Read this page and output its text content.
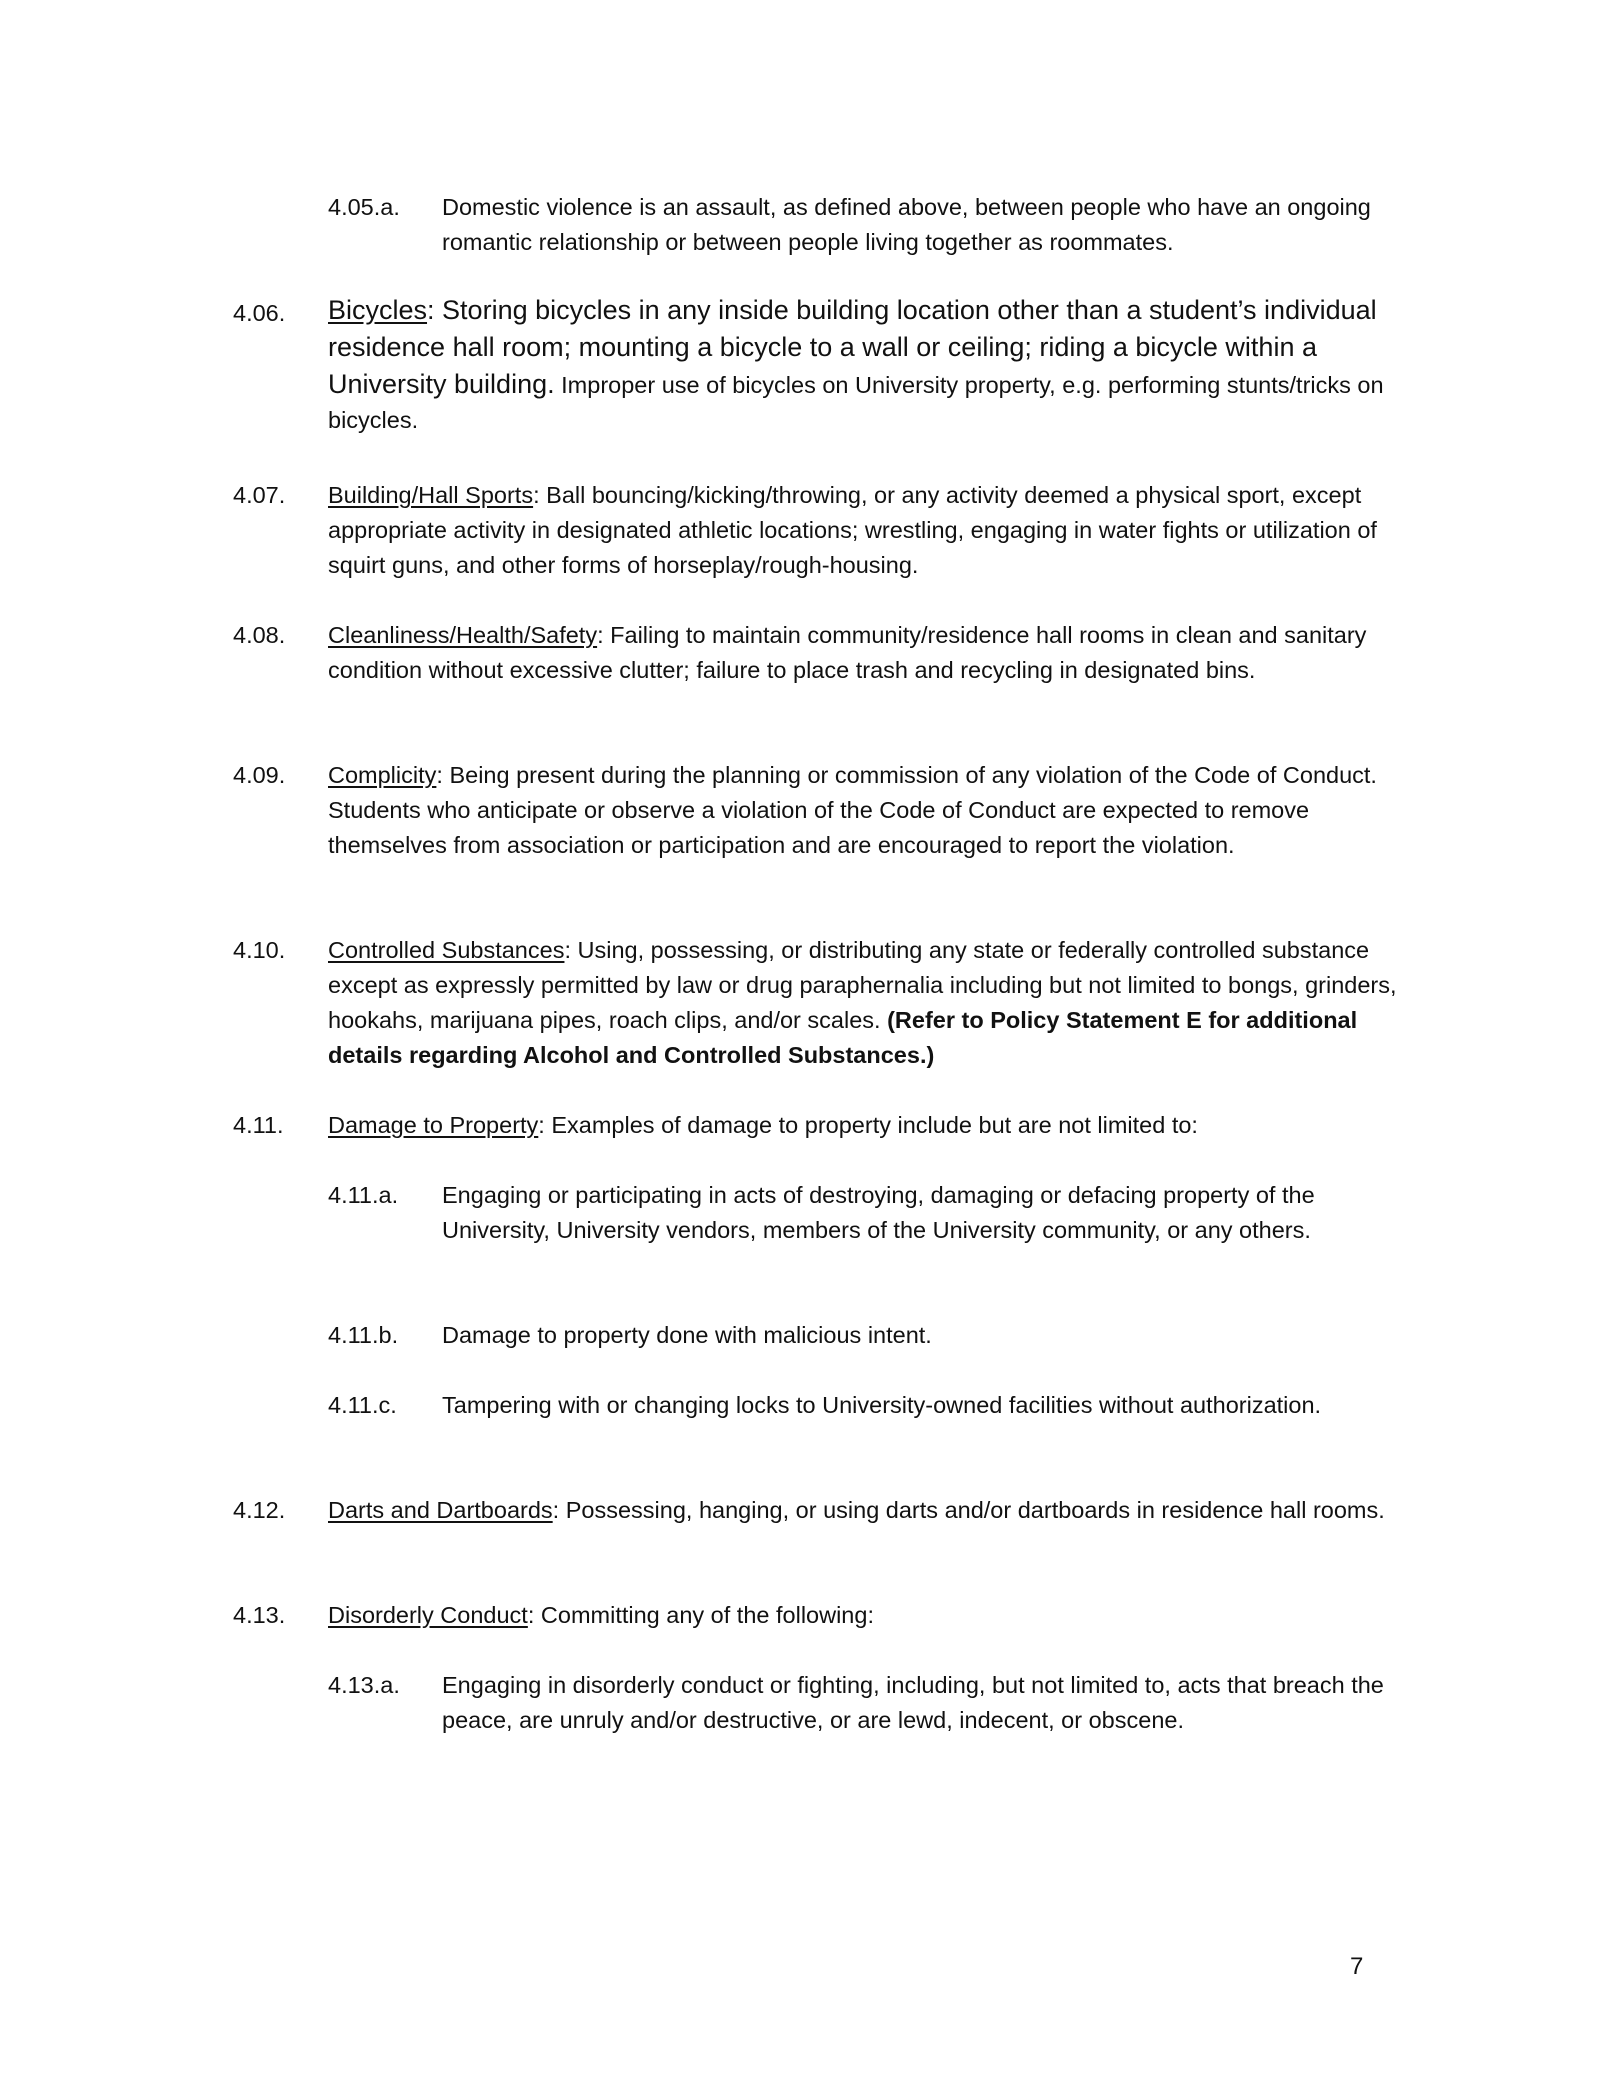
4.05.a. Domestic violence is an assault, as defined above, between people who have an ongoing romantic relationship or between people living together as roommates.
4.06. Bicycles: Storing bicycles in any inside building location other than a student’s individual residence hall room; mounting a bicycle to a wall or ceiling; riding a bicycle within a University building. Improper use of bicycles on University property, e.g. performing stunts/tricks on bicycles.
4.07. Building/Hall Sports: Ball bouncing/kicking/throwing, or any activity deemed a physical sport, except appropriate activity in designated athletic locations; wrestling, engaging in water fights or utilization of squirt guns, and other forms of horseplay/rough-housing.
4.08. Cleanliness/Health/Safety: Failing to maintain community/residence hall rooms in clean and sanitary condition without excessive clutter; failure to place trash and recycling in designated bins.
4.09. Complicity: Being present during the planning or commission of any violation of the Code of Conduct. Students who anticipate or observe a violation of the Code of Conduct are expected to remove themselves from association or participation and are encouraged to report the violation.
4.10. Controlled Substances: Using, possessing, or distributing any state or federally controlled substance except as expressly permitted by law or drug paraphernalia including but not limited to bongs, grinders, hookahs, marijuana pipes, roach clips, and/or scales. (Refer to Policy Statement E for additional details regarding Alcohol and Controlled Substances.)
4.11. Damage to Property: Examples of damage to property include but are not limited to:
4.11.a. Engaging or participating in acts of destroying, damaging or defacing property of the University, University vendors, members of the University community, or any others.
4.11.b. Damage to property done with malicious intent.
4.11.c. Tampering with or changing locks to University-owned facilities without authorization.
4.12. Darts and Dartboards: Possessing, hanging, or using darts and/or dartboards in residence hall rooms.
4.13. Disorderly Conduct: Committing any of the following:
4.13.a. Engaging in disorderly conduct or fighting, including, but not limited to, acts that breach the peace, are unruly and/or destructive, or are lewd, indecent, or obscene.
7
